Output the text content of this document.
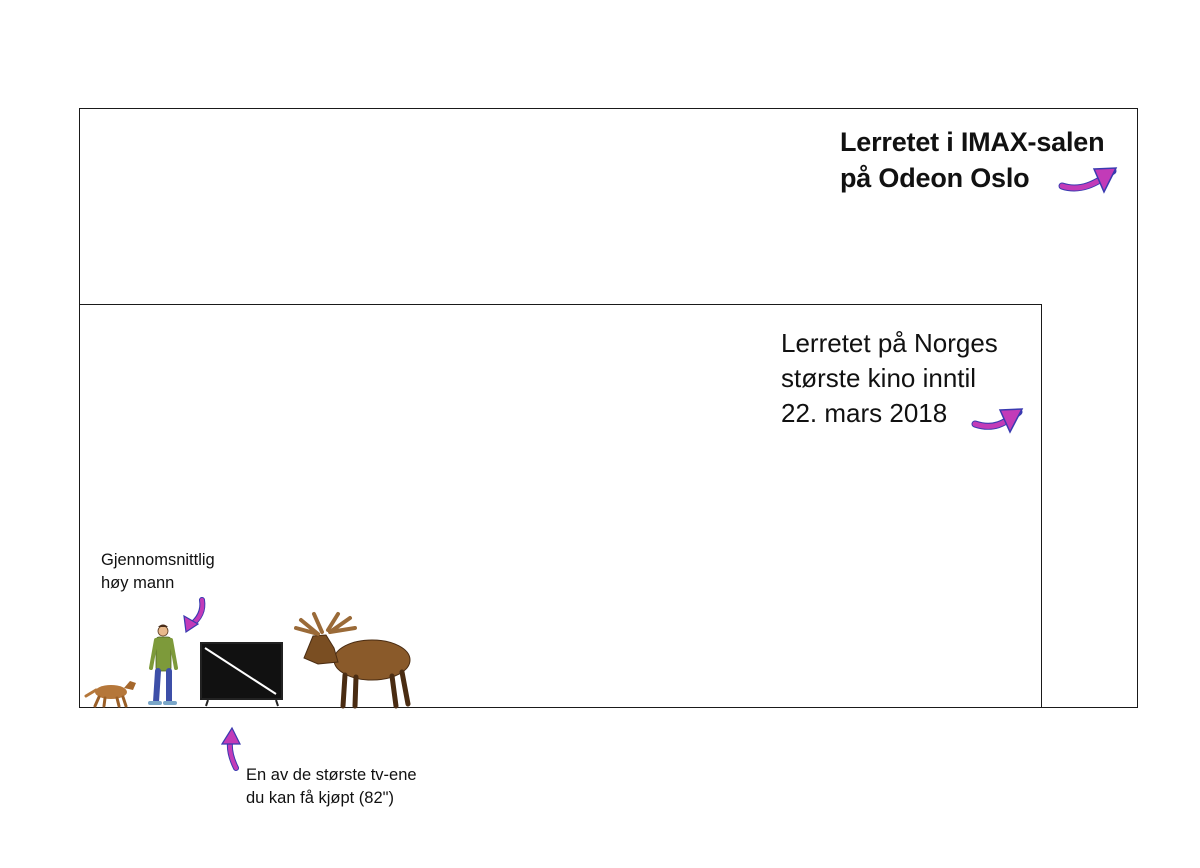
Lerretet i IMAX-salen
på Odeon Oslo
Lerretet på Norges
største kino inntil
22. mars 2018
Gjennomsnittlig
høy mann
En av de største tv-ene
du kan få kjøpt (82")
